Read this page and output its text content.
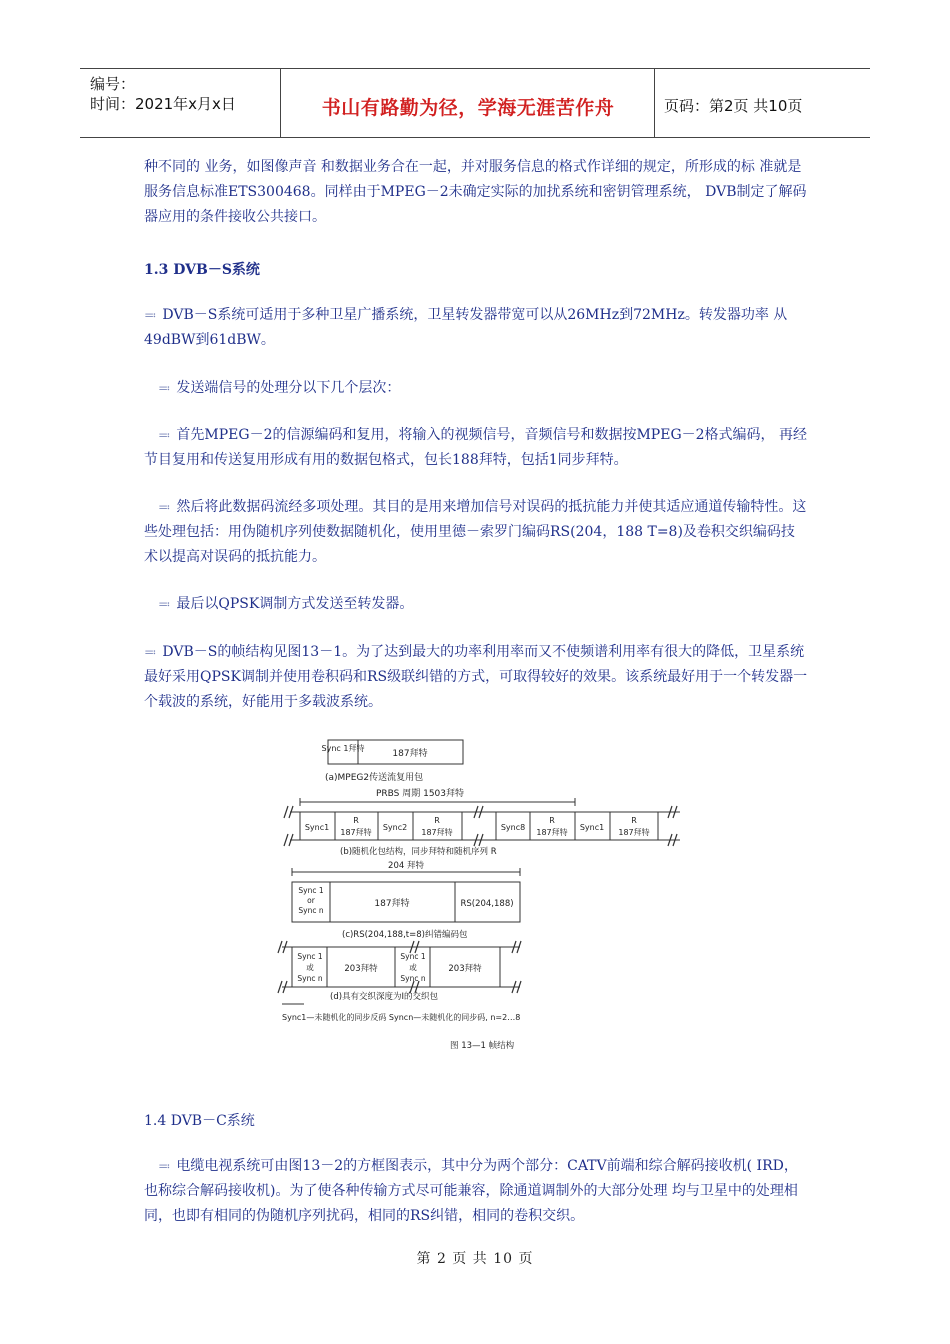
编号：
时间：2021年x月x日	书山有路勤为径，学海无涯苦作舟	页码：第2页 共10页

种不同的 业务，如图像声音 和数据业务合在一起，并对服务信息的格式作详细的规定，所形成的标 准就是服务信息标准ETS300468。同样由于MPEG－2未确定实际的加扰系统和密钥管理系统， DVB制定了解码器应用的条件接收公共接口。

1.3 DVB－S系统

≕ DVB－S系统可适用于多种卫星广播系统，卫星转发器带宽可以从26MHz到72MHz。转发器功率 从49dBW到61dBW。

≕ 发送端信号的处理分以下几个层次：

≕ 首先MPEG－2的信源编码和复用，将输入的视频信号，音频信号和数据按MPEG－2格式编码， 再经节目复用和传送复用形成有用的数据包格式，包长188拜特，包括1同步拜特。

≕ 然后将此数据码流经多项处理。其目的是用来增加信号对误码的抵抗能力并使其适应通道传输特性。这些处理包括：用伪随机序列使数据随机化，使用里德－索罗门编码RS(204，188 T=8)及卷积交织编码技术以提高对误码的抵抗能力。

≕ 最后以QPSK调制方式发送至转发器。

≕ DVB－S的帧结构见图13－1。为了达到最大的功率利用率而又不使频谱利用率有很大的降低，卫星系统最好采用QPSK调制并使用卷积码和RS级联纠错的方式，可取得较好的效果。该系统最好用于一个转发器一个载波的系统，好能用于多载波系统。

Sync 1拜特
187拜特
(a)MPEG2传送流复用包
PRBS 周期 1503拜特
Sync1
R
187拜特
Sync2
R
187拜特
Sync8
R
187拜特
Sync1
R
187拜特
(b)随机化包结构，同步拜特和随机序列 R
204 拜特
Sync 1
or
Sync n
187拜特	RS(204,188)
(c)RS(204,188,t=8)纠错编码包
Sync 1
或
Sync n
203拜特
Sync 1
或
Sync n
203拜特
(d)具有交织深度为I的交织包
Sync1—未随机化的同步反码 Syncn—未随机化的同步码, n=2…8
图 13—1 帧结构
1.4 DVB－C系统

≕ 电缆电视系统可由图13－2的方框图表示，其中分为两个部分：CATV前端和综合解码接收机( IRD，也称综合解码接收机)。为了使各种传输方式尽可能兼容，除通道调制外的大部分处理 均与卫星中的处理相同，也即有相同的伪随机序列扰码，相同的RS纠错，相同的卷积交织。

第 2 页 共 10 页
